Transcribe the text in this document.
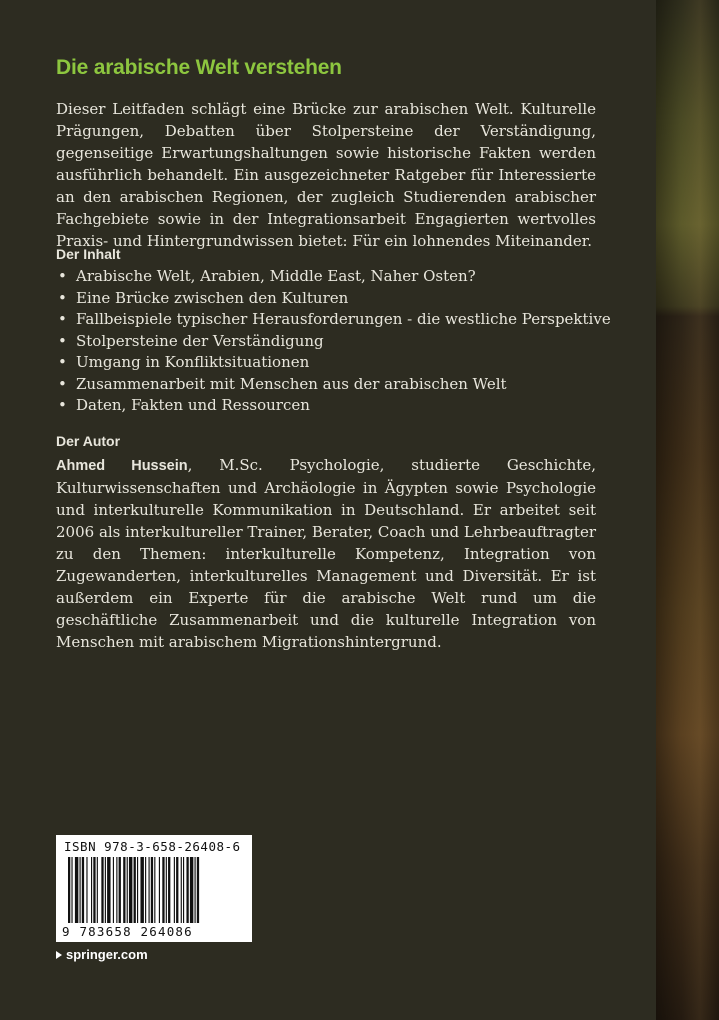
Die arabische Welt verstehen
Dieser Leitfaden schlägt eine Brücke zur arabischen Welt. Kulturelle Prägungen, Debatten über Stolpersteine der Verständigung, gegenseitige Erwartungshaltungen sowie historische Fakten werden ausführlich behandelt. Ein ausgezeichneter Ratgeber für Interessierte an den arabischen Regionen, der zugleich Studierenden arabischer Fachgebiete sowie in der Integrationsarbeit Engagierten wertvolles Praxis- und Hintergrundwissen bietet: Für ein lohnendes Miteinander.
Der Inhalt
• Arabische Welt, Arabien, Middle East, Naher Osten?
• Eine Brücke zwischen den Kulturen
• Fallbeispiele typischer Herausforderungen - die westliche Perspektive
• Stolpersteine der Verständigung
• Umgang in Konfliktsituationen
• Zusammenarbeit mit Menschen aus der arabischen Welt
• Daten, Fakten und Ressourcen
Der Autor
Ahmed Hussein, M.Sc. Psychologie, studierte Geschichte, Kulturwissenschaften und Archäologie in Ägypten sowie Psychologie und interkulturelle Kommunikation in Deutschland. Er arbeitet seit 2006 als interkultureller Trainer, Berater, Coach und Lehrbeauftragter zu den Themen: interkulturelle Kompetenz, Integration von Zugewanderten, interkulturelles Management und Diversität. Er ist außerdem ein Experte für die arabische Welt rund um die geschäftliche Zusammenarbeit und die kulturelle Integration von Menschen mit arabischem Migrationshintergrund.
ISBN 978-3-658-26408-6
9 783658 264086
springer.com
